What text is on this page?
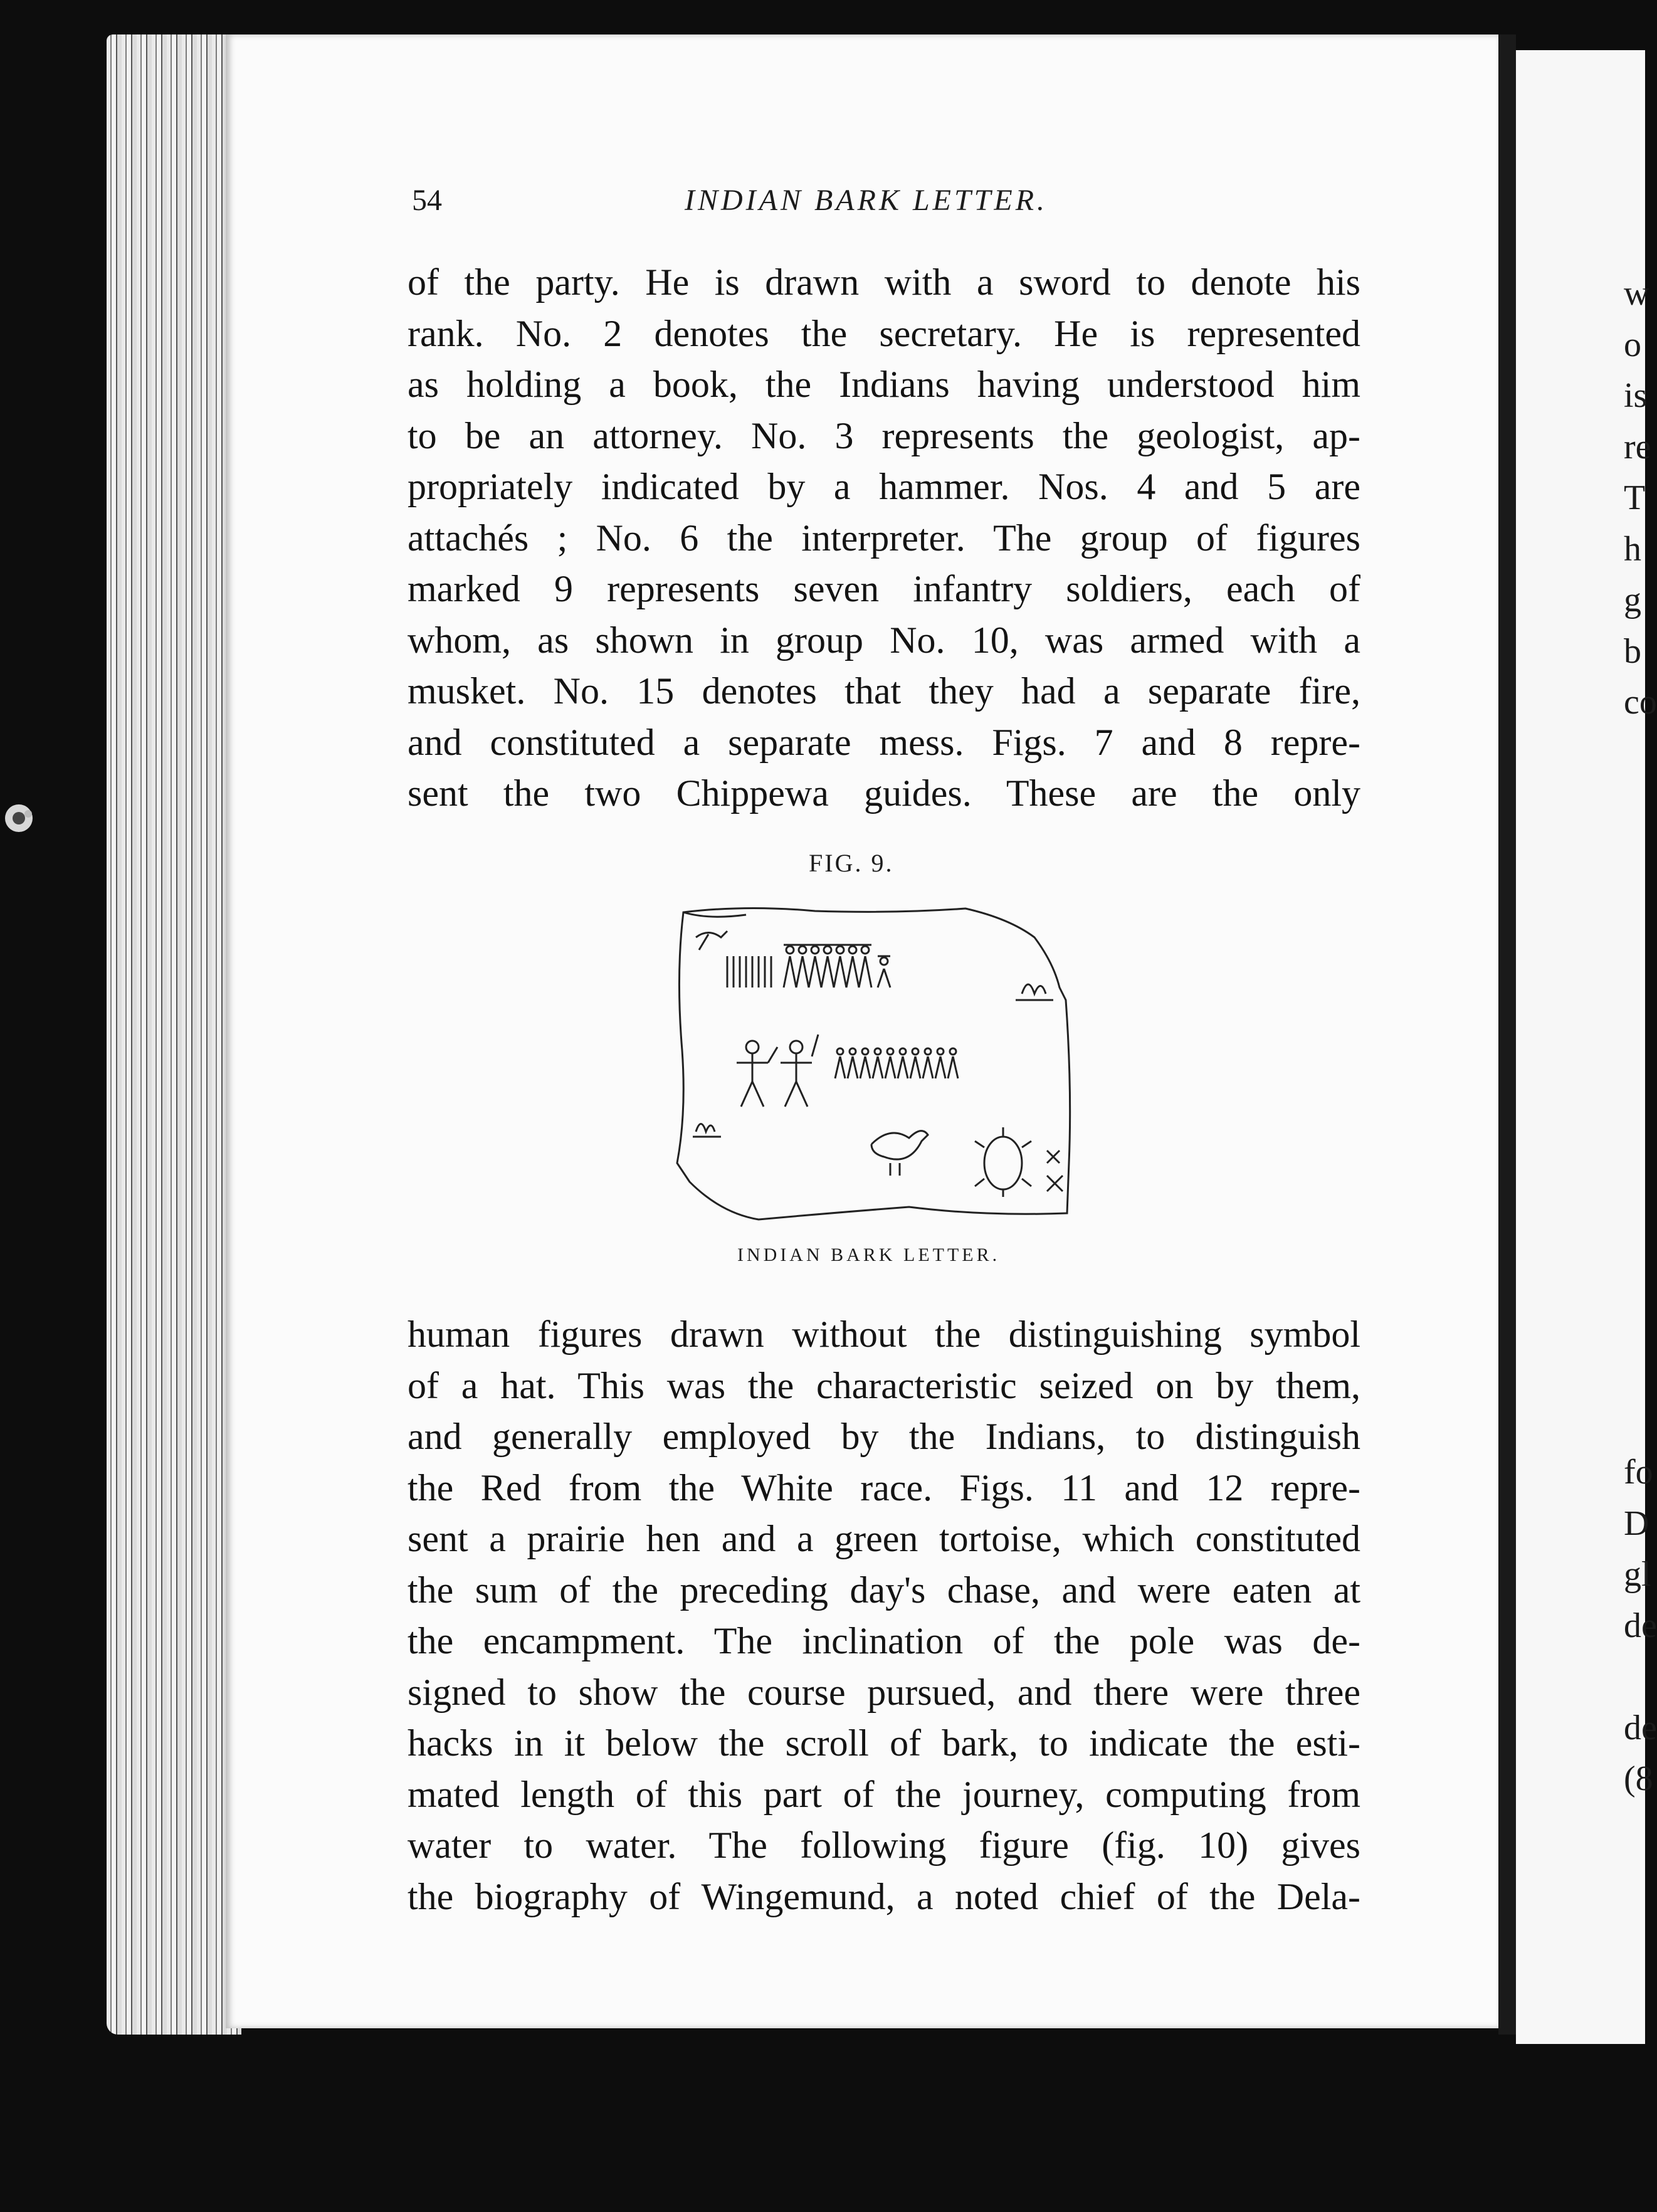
54	INDIAN BARK LETTER.
of the party. He is drawn with a sword to denote his
rank. No. 2 denotes the secretary. He is represented
as holding a book, the Indians having understood him
to be an attorney. No. 3 represents the geologist, ap-
propriately indicated by a hammer. Nos. 4 and 5 are
attachés ; No. 6 the interpreter. The group of figures
marked 9 represents seven infantry soldiers, each of
whom, as shown in group No. 10, was armed with a
musket. No. 15 denotes that they had a separate fire,
and constituted a separate mess. Figs. 7 and 8 repre-
sent the two Chippewa guides. These are the only
FIG. 9.
INDIAN BARK LETTER.
human figures drawn without the distinguishing symbol
of a hat. This was the characteristic seized on by them,
and generally employed by the Indians, to distinguish
the Red from the White race. Figs. 11 and 12 repre-
sent a prairie hen and a green tortoise, which constituted
the sum of the preceding day's chase, and were eaten at
the encampment. The inclination of the pole was de-
signed to show the course pursued, and there were three
hacks in it below the scroll of bark, to indicate the esti-
mated length of this part of the journey, computing from
water to water. The following figure (fig. 10) gives
the biography of Wingemund, a noted chief of the Dela-
w
o
is
re
T
h
g
b
co
fo
D
gl
de
de
(8
